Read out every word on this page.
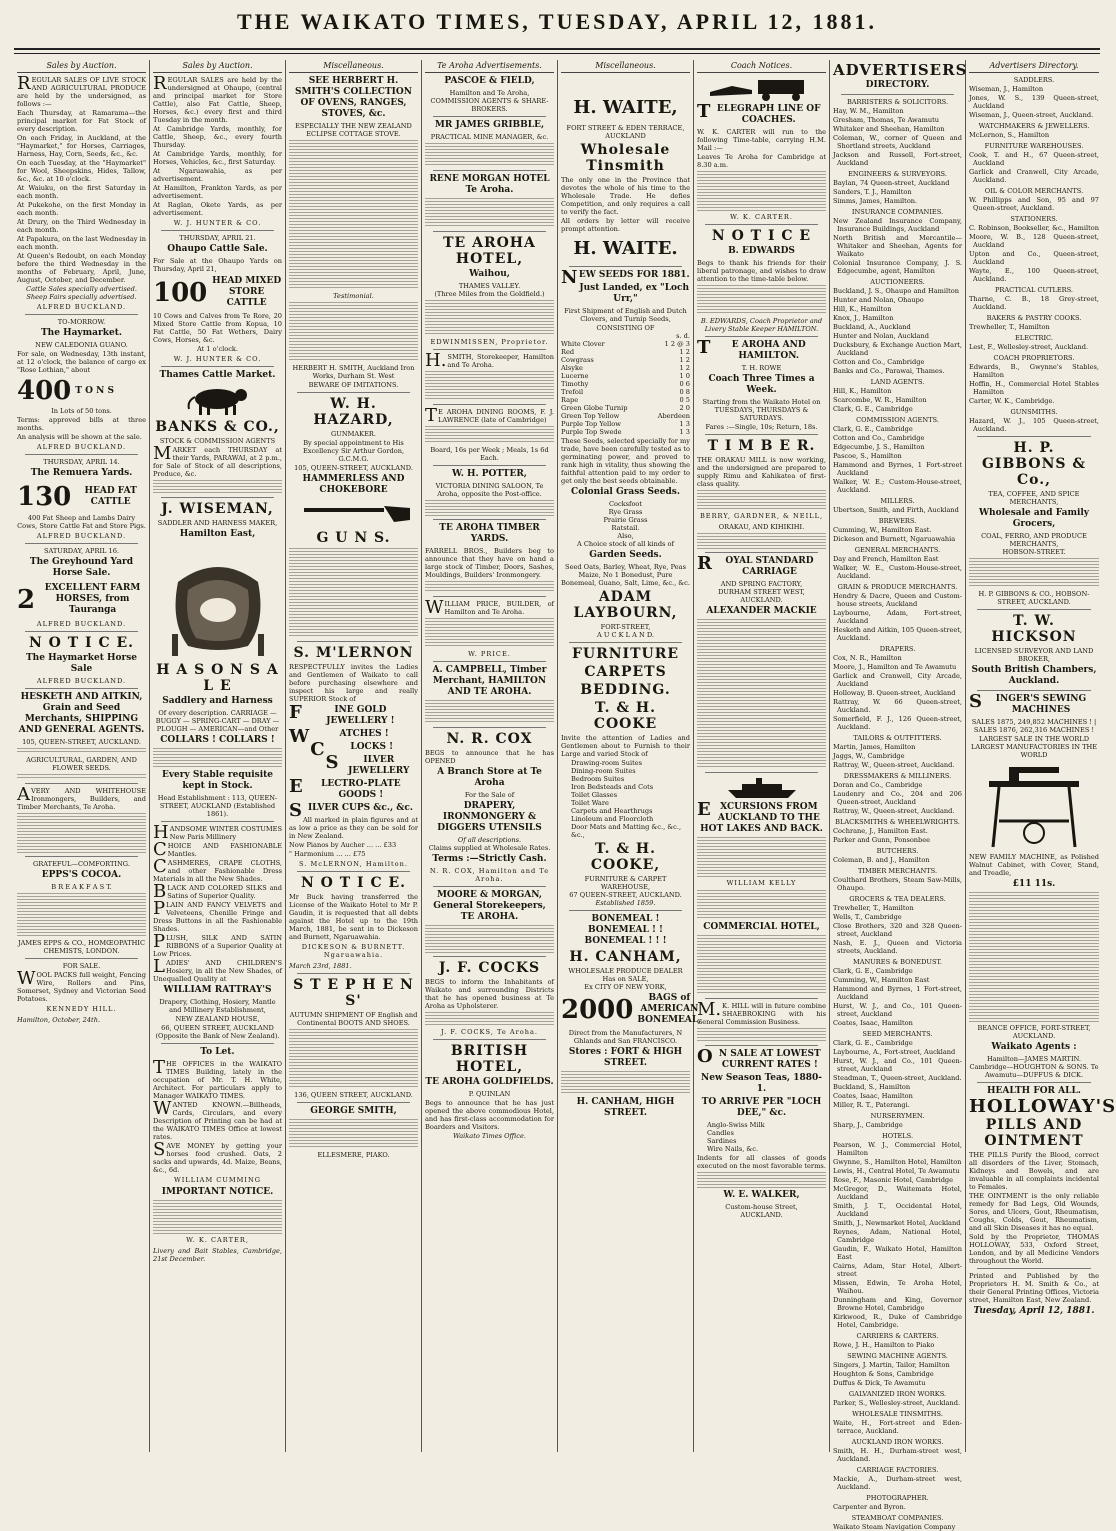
THE WAIKATO TIMES, TUESDAY, APRIL 12, 1881.
Sales by Auction.
REGULAR SALES OF LIVE STOCK AND AGRICULTURAL PRODUCE are held by the undersigned, as follows :—
Each Thursday, at Ramarama—the principal market for Fat Stock of every description.
On each Friday, in Auckland, at the "Haymarket," for Horses, Carriages, Harness, Hay, Corn, Seeds, &c., &c.
On each Tuesday, at the "Haymarket" for Wool, Sheepskins, Hides, Tallow, &c., &c. at 10 o'clock.
At Waiuku, on the first Saturday in each month.
At Pukekohe, on the first Monday in each month.
At Drury, on the Third Wednesday in each month.
At Papakura, on the last Wednesday in each month.
At Queen's Redoubt, on each Monday before the third Wednesday in the months of February, April, June, August, October, and December.
Cattle Sales specially advertised. Sheep Fairs specially advertised.
ALFRED BUCKLAND.
TO-MORROW.
The Haymarket.
NEW CALEDONIA GUANO.
For sale, on Wednesday, 13th instant, at 12 o'clock, the balance of cargo ex "Rose Lothian," about
400 T O N S
In Lots of 50 tons.
Terms: approved bills at three months.
An analysis will be shown at the sale.
ALFRED BUCKLAND.
THURSDAY, APRIL 14.
The Remuera Yards.
130	HEAD FAT CATTLE
400 Fat Sheep and Lambs Dairy Cows, Store Cattle Fat and Store Pigs.
ALFRED BUCKLAND.
SATURDAY, APRIL 16.
The Greyhound Yard Horse Sale.
2	EXCELLENT FARM HORSES, from Tauranga
ALFRED BUCKLAND.
N O T I C E.
The Haymarket Horse Sale
ALFRED BUCKLAND.
HESKETH AND AITKIN, Grain and Seed Merchants, SHIPPING AND GENERAL AGENTS.
105, QUEEN-STREET, AUCKLAND.
AGRICULTURAL, GARDEN, AND FLOWER SEEDS.
AVERY AND WHITEHOUSE Ironmongers, Builders, and Timber Merchants, Te Aroha.
GRATEFUL—COMFORTING.
EPPS'S COCOA.
B R E A K F A S T.
JAMES EPPS & CO., HOMŒOPATHIC CHEMISTS, LONDON.
FOR SALE.
WOOL PACKS full weight, Fencing Wire, Rollers and Pins, Somerset, Sydney and Victorian Seed Potatoes.
KENNEDY HILL.
Hamilton, October, 24th.
Sales by Auction.
REGULAR SALES are held by the undersigned at Ohaupo, (central and principal market for Store Cattle), also Fat Cattle, Sheep, Horses, &c.) every first and third Tuesday in the month.
At Cambridge Yards, monthly, for Cattle, Sheep, &c., every fourth Thursday.
At Cambridge Yards, monthly, for Horses, Vehicles, &c., first Saturday.
At Ngaruawahia, as per advertisement.
At Hamilton, Frankton Yards, as per advertisement.
At Raglan, Okete Yards, as per advertisement.
W. J. HUNTER & CO.
THURSDAY, APRIL 21.
Ohaupo Cattle Sale.
For Sale at the Ohaupo Yards on Thursday, April 21,
100 HEAD MIXED STORE CATTLE
10 Cows and Calves from Te Rore, 20 Mixed Store Cattle from Kopua, 10 Fat Cattle, 50 Fat Wethers, Dairy Cows, Horses, &c.
At 1 o'clock.
W. J. HUNTER & CO.
Thames Cattle Market.
BANKS & CO.,
STOCK & COMMISSION AGENTS
MARKET each THURSDAY at their Yards, PARAWAI, at 2 p.m., for Sale of Stock of all descriptions, Produce, &c.
J. WISEMAN,
SADDLER AND HARNESS MAKER,
Hamilton East,
H A S O N S A L E
Saddlery and Harness
Of every description. CARRIAGE — BUGGY — SPRING-CART — DRAY — PLOUGH — AMERICAN—and Other
COLLARS ! COLLARS !
Every Stable requisite kept in Stock.
Head Establishment : 113, QUEEN-STREET, AUCKLAND (Established 1861).
HANDSOME WINTER COSTUMES New Paris Millinery
CHOICE AND FASHIONABLE Mantles.
CASHMERES, CRAPE CLOTHS, and other Fashionable Dress Materials in all the New Shades.
BLACK AND COLORED SILKS and Satins of Superior Quality.
PLAIN AND FANCY VELVETS and Velveteens, Chenille Fringe and Dress Buttons in all the Fashionable Shades.
PLUSH, SILK AND SATIN RIBBONS of a Superior Quality at Low Prices.
LADIES' AND CHILDREN'S Hosiery, in all the New Shades, of Unequalled Quality at
WILLIAM RATTRAY'S
Drapery, Clothing, Hosiery, Mantle and Millinery Establishment,
NEW ZEALAND HOUSE,
66, QUEEN STREET, AUCKLAND (Opposite the Bank of New Zealand).
To Let.
THE OFFICES in the WAIKATO TIMES Building, lately in the occupation of Mr. T. H. White, Architect. For particulars apply to Manager WAIKATO TIMES.
WANTED KNOWN.—Billheads, Cards, Circulars, and every Description of Printing can be had at the WAIKATO TIMES Office at lowest rates.
SAVE MONEY by getting your horses food crushed. Oats, 2 sacks and upwards, 4d. Maize, Beans, &c., 6d.
WILLIAM CUMMING
IMPORTANT NOTICE.
W. K. CARTER,
Livery and Bait Stables, Cambridge, 21st December.
Miscellaneous.
SEE HERBERT H. SMITH'S COLLECTION OF OVENS, RANGES, STOVES, &c.
ESPECIALLY THE NEW ZEALAND ECLIPSE COTTAGE STOVE.
Testimonial.
HERBERT H. SMITH, Auckland Iron Works, Durham St. West
BEWARE OF IMITATIONS.
W. H. HAZARD,
GUNMAKER.
By special appointment to His Excellency Sir Arthur Gordon, G.C.M.G.
105, QUEEN-STREET, AUCKLAND.
HAMMERLESS AND CHOKEBORE
G U N S.
S. M'LERNON
RESPECTFULLY invites the Ladies and Gentlemen of Waikato to call before purchasing elsewhere and inspect his large and really SUPERIOR Stock of
FINE GOLD JEWELLERY !
WATCHES !
CLOCKS !
SILVER JEWELLERY
ELECTRO-PLATE GOODS !
SILVER CUPS &c., &c.
All marked in plain figures and at as low a price as they can be sold for in New Zealand.
Now Pianos by Aucher ... ... £33
" Harmonium ... ... £75
S. McLERNON, Hamilton.
N O T I C E.
Mr Buck having transferred the License of the Waikato Hotel to Mr P. Gaudin, it is requested that all debts against the Hotel up to the 19th March, 1881, be sent in to Dickeson and Burnett, Ngaruawahia.
DICKESON & BURNETT. Ngaruawahia.
March 23rd, 1881.
S T E P H E N S'
AUTUMN SHIPMENT OF English and Continental BOOTS AND SHOES.
136, QUEEN STREET, AUCKLAND.
GEORGE SMITH,
ELLESMERE, PIAKO.
Te Aroha Advertisements.
PASCOE & FIELD,
Hamilton and Te Aroha,
COMMISSION AGENTS & SHARE-BROKERS.
MR JAMES GRIBBLE,
PRACTICAL MINE MANAGER, &c.
RENE MORGAN HOTEL Te Aroha.
TE AROHA HOTEL,
Waihou,
THAMES VALLEY.
(Three Miles from the Goldfield.)
EDWINMISSEN, Proprietor.
H.SMITH, Storekeeper, Hamilton and Te Aroha.
TE AROHA DINING ROOMS, F. J. LAWRENCE (late of Cambridge)
Board, 16s per Week ; Meals, 1s 6d Each.
W. H. POTTER,
VICTORIA DINING SALOON, Te Aroha, opposite the Post-office.
TE AROHA TIMBER YARDS.
FARRELL BROS., Builders beg to announce that they have on hand a large stock of Timber, Doors, Sashes, Mouldings, Builders' Ironmongery.
WILLIAM PRICE, BUILDER, of Hamilton and Te Aroha.
W. PRICE.
A. CAMPBELL, Timber Merchant, HAMILTON AND TE AROHA.
N. R. COX
BEGS to announce that he has OPENED
A Branch Store at Te Aroha
For the Sale of
DRAPERY, IRONMONGERY & DIGGERS UTENSILS
Of all descriptions.
Claims supplied at Wholesale Rates.
Terms :—Strictly Cash.
N. R. COX, Hamilton and Te Aroha.
MOORE & MORGAN, General Storekeepers, TE AROHA.
J. F. COCKS
BEGS to inform the Inhabitants of Waikato and surrounding Districts that he has opened business at Te Aroha as Upholsterer.
J. F. COCKS, Te Aroha.
BRITISH HOTEL,
TE AROHA GOLDFIELDS.
P. QUINLAN
Begs to announce that he has just opened the above commodious Hotel, and has first-class accommodation for Boarders and Visitors.
Waikato Times Office.
Miscellaneous.
H. WAITE,
FORT STREET & EDEN TERRACE,
AUCKLAND
Wholesale Tinsmith
The only one in the Province that devotes the whole of his time to the Wholesale Trade. He defies Competition, and only requires a call to verify the fact.
All orders by letter will receive prompt attention.
H. WAITE.
NEW SEEDS FOR 1881.
Just Landed, ex "Loch Urr,"
First Shipment of English and Dutch Clovers, and Turnip Seeds,
CONSISTING OF
s. d.
White Clover	1 2 @ 3
Red	1 2
Cowgrass	1 2
Alsyke	1 2
Lucerne	1 0
Timothy	0 6
Trefoil	0 8
Rape	0 5
Green Globe Turnip	2 0
Green Top Yellow	Aberdeen
Purple Top Yellow	1 3
Purple Top Swede	1 3
These Seeds, selected specially for my trade, have been carefully tested as to germinating power, and proved to rank high in vitality, thus showing the faithful attention paid to my order to get only the best seeds obtainable.
Colonial Grass Seeds.
Cocksfoot
Rye Grass
Prairie Grass
Ratstail.
Also,
A Choice stock of all kinds of
Garden Seeds.
Seed Oats, Barley, Wheat, Rye, Peas Maize, No 1 Bonedust, Pure Bonemeal, Guano, Salt, Lime, &c., &c.
ADAM LAYBOURN,
FORT-STREET,
A U C K L A N D.
FURNITURE
CARPETS
BEDDING.
T. & H. COOKE
Invite the attention of Ladies and Gentlemen about to Furnish to their Large and varied Stock of
Drawing-room Suites
Dining-room Suites
Bedroom Suites
Iron Bedsteads and Cots
Toilet Glasses
Toilet Ware
Carpets and Hearthrugs
Linoleum and Floorcloth
Door Mats and Matting &c., &c., &c.,
T. & H. COOKE,
FURNITURE & CARPET WAREHOUSE,
67 QUEEN-STREET, AUCKLAND.
Established 1859.
BONEMEAL ! BONEMEAL ! ! BONEMEAL ! ! !
H. CANHAM,
WHOLESALE PRODUCE DEALER
Has on SALE,
Ex CITY OF NEW YORK,
2000	BAGS of AMERICAN BONEMEAL,
Direct from the Manufacturers, N Ghlands and San FRANCISCO.
Stores : FORT & HIGH STREET.
H. CANHAM, HIGH STREET.
Coach Notices.
TELEGRAPH LINE OF COACHES.
W. K. CARTER will run to the following Time-table, carrying H.M. Mail :—
Leaves Te Aroha for Cambridge at 8.30 a.m.
W. K. CARTER.
N O T I C E
B. EDWARDS
Begs to thank his friends for their liberal patronage, and wishes to draw attention to the time-table below.
B. EDWARDS, Coach Proprietor and Livery Stable Keeper HAMILTON.
TE AROHA AND HAMILTON.
T. H. ROWE
Coach Three Times a Week.
Starting from the Waikato Hotel on TUESDAYS, THURSDAYS & SATURDAYS.
Fares :—Single, 10s; Return, 18s.
T I M B E R.
THE ORAKAU MILL is now working, and the undersigned are prepared to supply Rimu and Kahikatea of first-class quality.
BERRY, GARDNER, & NEILL,
ORAKAU, AND KIHIKIHI.
ROYAL STANDARD CARRIAGE
AND SPRING FACTORY,
DURHAM STREET WEST, AUCKLAND.
ALEXANDER MACKIE
EXCURSIONS FROM AUCKLAND TO THE HOT LAKES AND BACK.
WILLIAM KELLY
COMMERCIAL HOTEL,
M.K. HILL will in future combine SHAEBROKING with his General Commission Business.
ON SALE AT LOWEST CURRENT RATES !
New Season Teas, 1880-1.
TO ARRIVE PER "LOCH DEE," &c.
Anglo-Swiss Milk
Candles
Sardines
Wire Nails, &c.
Indents for all classes of goods executed on the most favorable terms.
W. E. WALKER,
Custom-house Street,
AUCKLAND.
ADVERTISERS
DIRECTORY.
BARRISTERS & SOLICITORS.
Hay, W. M., Hamilton
Gresham, Thomas, Te Awamutu
Whitaker and Sheehan, Hamilton
Coleman, W., corner of Queen and Shortland streets, Auckland
Jackson and Russell, Fort-street, Auckland
ENGINEERS & SURVEYORS.
Baylan, 74 Queen-street, Auckland
Sanders, T. J., Hamilton
Simms, James, Hamilton.
INSURANCE COMPANIES.
New Zealand Insurance Company, Insurance Buildings, Auckland
North British and Mercantile—Whitaker and Sheehan, Agents for Waikato
Colonial Insurance Company, J. S. Edgecumbe, agent, Hamilton
AUCTIONEERS.
Buckland, J. S., Ohaupo and Hamilton
Hunter and Nolan, Ohaupo
Hill, K., Hamilton
Knox, J., Hamilton
Buckland, A., Auckland
Hunter and Nolan, Auckland
Ducksbury, & Exchange Auction Mart, Auckland
Cotton and Co., Cambridge
Banks and Co., Parawai, Thames.
LAND AGENTS.
Hill, K., Hamilton
Scarcombe, W. R., Hamilton
Clark, G. E., Cambridge
COMMISSION AGENTS.
Clark, G. E., Cambridge
Cotton and Co., Cambridge
Edgecumbe, J. S., Hamilton
Pascoe, S., Hamilton
Hammond and Byrnes, 1 Fort-street Auckland
Walker, W. E.; Custom-House-street, Auckland.
MILLERS.
Ubertson, Smith, and Firth, Auckland
BREWERS.
Cumming, W., Hamilton East.
Dickeson and Burnett, Ngaruawahia
GENERAL MERCHANTS.
Day and French, Hamilton East
Walker, W. E., Custom-House-street, Auckland.
GRAIN & PRODUCE MERCHANTS.
Hendry & Dacre, Queen and Custom-house streets, Auckland
Laybourne, Adam, Fort-street, Auckland
Hesketh and Aitkin, 105 Queen-street, Auckland.
DRAPERS.
Cox, N. R., Hamilton
Moore, J., Hamilton and Te Awamutu
Garlick and Cranwell, City Arcade, Auckland
Holloway, B. Queen-street, Auckland
Rattray, W. 66 Queen-street, Auckland.
Somerfield, F. J., 126 Queen-street, Auckland.
TAILORS & OUTFITTERS.
Martin, James, Hamilton
Jaggs, W., Cambridge
Rattray, W., Queen-street, Auckland.
DRESSMAKERS & MILLINERS.
Doran and Co., Cambridge
Laudenry and Co., 204 and 206 Queen-street, Auckland
Rattray, W., Queen-street, Auckland.
BLACKSMITHS & WHEELWRIGHTS.
Cochrane, J., Hamilton East.
Parker and Gunn, Ponsonbee
BUTCHERS.
Coleman, B. and J., Hamilton
TIMBER MERCHANTS.
Coulthard Brothers, Steam Saw-Mills, Ohaupo.
GROCERS & TEA DEALERS.
Trewheller, T., Hamilton
Wells, T., Cambridge
Close Brothers, 320 and 328 Queen-street, Auckland
Nash, E. J., Queen and Victoria streets, Auckland.
MANURES & BONEDUST.
Clark, G. E., Cambridge
Cumming, W., Hamilton East
Hammond and Byrnes, 1 Fort-street, Auckland
Hurst, W. J., and Co., 101 Queen-street, Auckland
Coates, Isaac, Hamilton
SEED MERCHANTS.
Clark, G. E., Cambridge
Laybourne, A., Fort-street, Auckland
Hurst, W. J., and Co., 101 Queen-street, Auckland
Steadman, T., Queen-street, Auckland.
Buckland, S., Hamilton
Coates, Isaac, Hamilton
Miller, R. T., Paterangi.
NURSERYMEN.
Sharp, J., Cambridge
HOTELS.
Pearson, W. J., Commercial Hotel, Hamilton
Gwynne, S., Hamilton Hotel, Hamilton
Lewis, H., Central Hotel, Te Awamutu
Rose, F., Masonic Hotel, Cambridge
McGregor, D., Waitemata Hotel, Auckland
Smith, J. T., Occidental Hotel, Auckland
Smith, J., Newmarket Hotel, Auckland
Reynes, Adam, National Hotel, Cambridge
Gaudin, F., Waikato Hotel, Hamilton East
Cairns, Adam, Star Hotel, Albert-street
Missen, Edwin, Te Aroha Hotel, Waihou.
Dunningham and King, Governor Browne Hotel, Cambridge
Kirkwood, R., Duke of Cambridge Hotel, Cambridge.
CARRIERS & CARTERS.
Rowe, J. H., Hamilton to Piako
SEWING MACHINE AGENTS.
Singers, J. Martin, Tailor, Hamilton
Houghton & Sons, Cambridge
Duffus & Dick, Te Awamutu
GALVANIZED IRON WORKS.
Parker, S., Wellesley-street, Auckland.
WHOLESALE TINSMITHS.
Waite, H., Fort-street and Eden-terrace, Auckland.
AUCKLAND IRON WORKS.
Smith, H. H., Durham-street west, Auckland.
CARRIAGE FACTORIES.
Mackie, A., Durham-street west, Auckland.
PHOTOGRAPHER.
Carpenter and Byron.
STEAMBOAT COMPANIES.
Waikato Steam Navigation Company
Advertisers Directory.
SADDLERS.
Wiseman, J., Hamilton
Jones, W. S., 139 Queen-street, Auckland
Wiseman, J., Queen-street, Auckland.
WATCHMAKERS & JEWELLERS.
McLernon, S., Hamilton
FURNITURE WAREHOUSES.
Cook, T. and H., 67 Queen-street, Auckland
Garlick and Cranwell, City Arcade, Auckland.
OIL & COLOR MERCHANTS.
W. Phillipps and Son, 95 and 97 Queen-street, Auckland.
STATIONERS.
C. Robinson, Bookseller, &c., Hamilton
Moore, W. B., 128 Queen-street, Auckland
Upton and Co., Queen-street, Auckland
Wayte, E., 100 Queen-street, Auckland.
PRACTICAL CUTLERS.
Tharne, C. B., 18 Grey-street, Auckland.
BAKERS & PASTRY COOKS.
Trewheller, T., Hamilton
ELECTRIC.
Lest, F., Wellesley-street, Auckland.
COACH PROPRIETORS.
Edwards, B., Gwynne's Stables, Hamilton
Hoffin, H., Commercial Hotel Stables Hamilton
Carter, W. K., Cambridge.
GUNSMITHS.
Hazard, W. J., 105 Queen-street, Auckland.
H. P. GIBBONS & Co.,
TEA, COFFEE, AND SPICE MERCHANTS,
Wholesale and Family Grocers,
COAL, FERRO, AND PRODUCE MERCHANTS,
HOBSON-STREET.
H. P. GIBBONS & CO., HOBSON-STREET, AUCKLAND.
T. W. HICKSON
LICENSED SURVEYOR AND LAND BROKER,
South British Chambers, Auckland.
SINGER'S SEWING MACHINES
SALES 1875, 249,852 MACHINES ! | SALES 1876, 262,316 MACHINES !
LARGEST SALE IN THE WORLD LARGEST MANUFACTORIES IN THE WORLD
NEW FAMILY MACHINE, as Polished Walnut Cabinet, with Cover, Stand, and Treadle,
£11 11s.
BEANCE OFFICE, FORT-STREET, AUCKLAND.
Waikato Agents :
Hamilton—JAMES MARTIN. Cambridge—HOUGHTON & SONS. Te Awamutu—DUFFUS & DICK.
HEALTH FOR ALL.
HOLLOWAY'S
PILLS AND OINTMENT
THE PILLS Purify the Blood, correct all disorders of the Liver, Stomach, Kidneys and Bowels, and are invaluable in all complaints incidental to Females.
THE OINTMENT is the only reliable remedy for Bad Legs, Old Wounds, Sores, and Ulcers, Gout, Rheumatism, Coughs, Colds, Gout, Rheumatism, and all Skin Diseases it has no equal.
Sold by the Proprietor, THOMAS HOLLOWAY, 533, Oxford Street, London, and by all Medicine Vendors throughout the World.
Printed and Published by the Proprietors H. M. Smith & Co., at their General Printing Offices, Victoria street, Hamilton East, New Zealand.
Tuesday, April 12, 1881.
